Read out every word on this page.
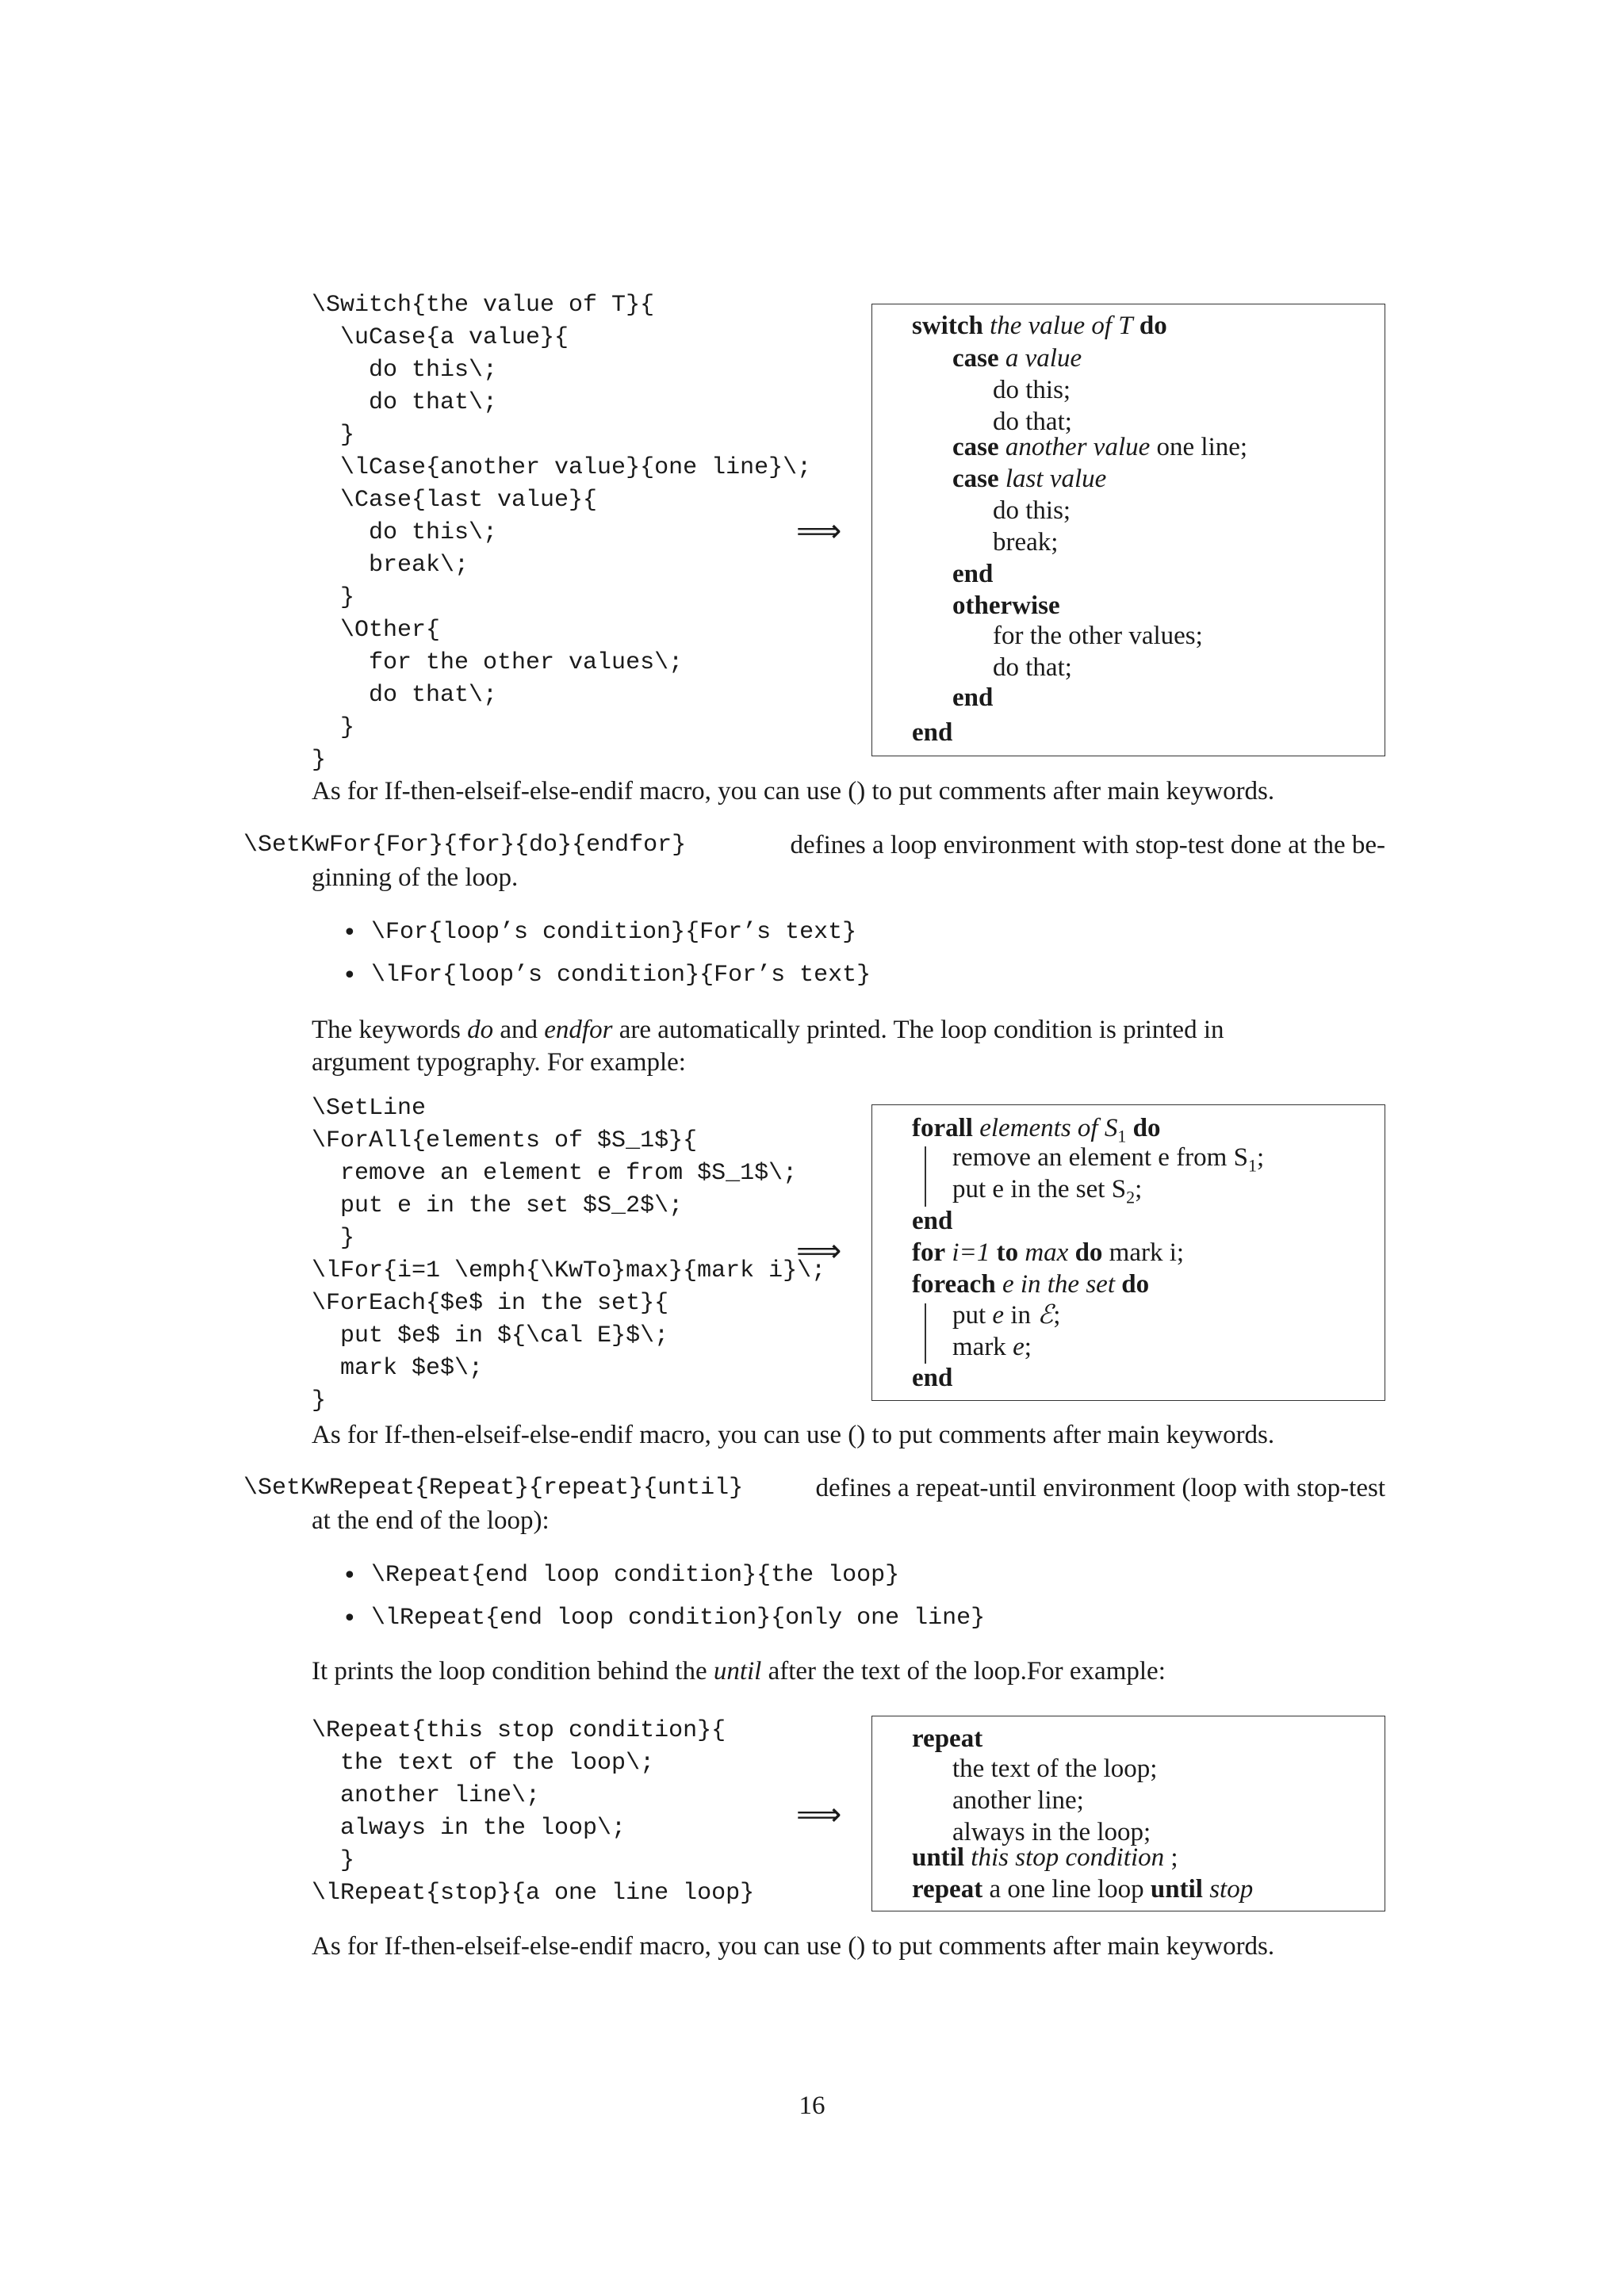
\Switch{the value of T}{
\uCase{a value}{
do this\;
do that\;
}
\lCase{another value}{one line}\;
\Case{last value}{
do this\;
break\;
}
\Other{
for the other values\;
do that\;
}
}
⟹
switch the value of T do
case a value
do this;
do that;
case another value one line;
case last value
do this;
break;
end
otherwise
for the other values;
do that;
end
end
As for If-then-elseif-else-endif macro, you can use () to put comments after main keywords.
\SetKwFor{For}{for}{do}{endfor}	defines a loop environment with stop-test done at the be-
ginning of the loop.
• \For{loop’s condition}{For’s text}
• \lFor{loop’s condition}{For’s text}
The keywords do and endfor are automatically printed. The loop condition is printed in
argument typography. For example:
\SetLine
\ForAll{elements of $S_1$}{
remove an element e from $S_1$\;
put e in the set $S_2$\;
}
\lFor{i=1 \emph{\KwTo}max}{mark i}\;
\ForEach{$e$ in the set}{
put $e$ in ${\cal E}$\;
mark $e$\;
}
⟹
forall elements of $S_1$ do
remove an element e from $S_1$;
put e in the set $S_2$;
end
for i=1 to max do mark i;
foreach e in the set do
put e in ℰ;
mark e;
end
As for If-then-elseif-else-endif macro, you can use () to put comments after main keywords.
\SetKwRepeat{Repeat}{repeat}{until}	defines a repeat-until environment (loop with stop-test
at the end of the loop):
• \Repeat{end loop condition}{the loop}
• \lRepeat{end loop condition}{only one line}
It prints the loop condition behind the until after the text of the loop.For example:
\Repeat{this stop condition}{
the text of the loop\;
another line\;
always in the loop\;
}
\lRepeat{stop}{a one line loop}
⟹
repeat
the text of the loop;
another line;
always in the loop;
until this stop condition ;
repeat a one line loop until stop
As for If-then-elseif-else-endif macro, you can use () to put comments after main keywords.
16
